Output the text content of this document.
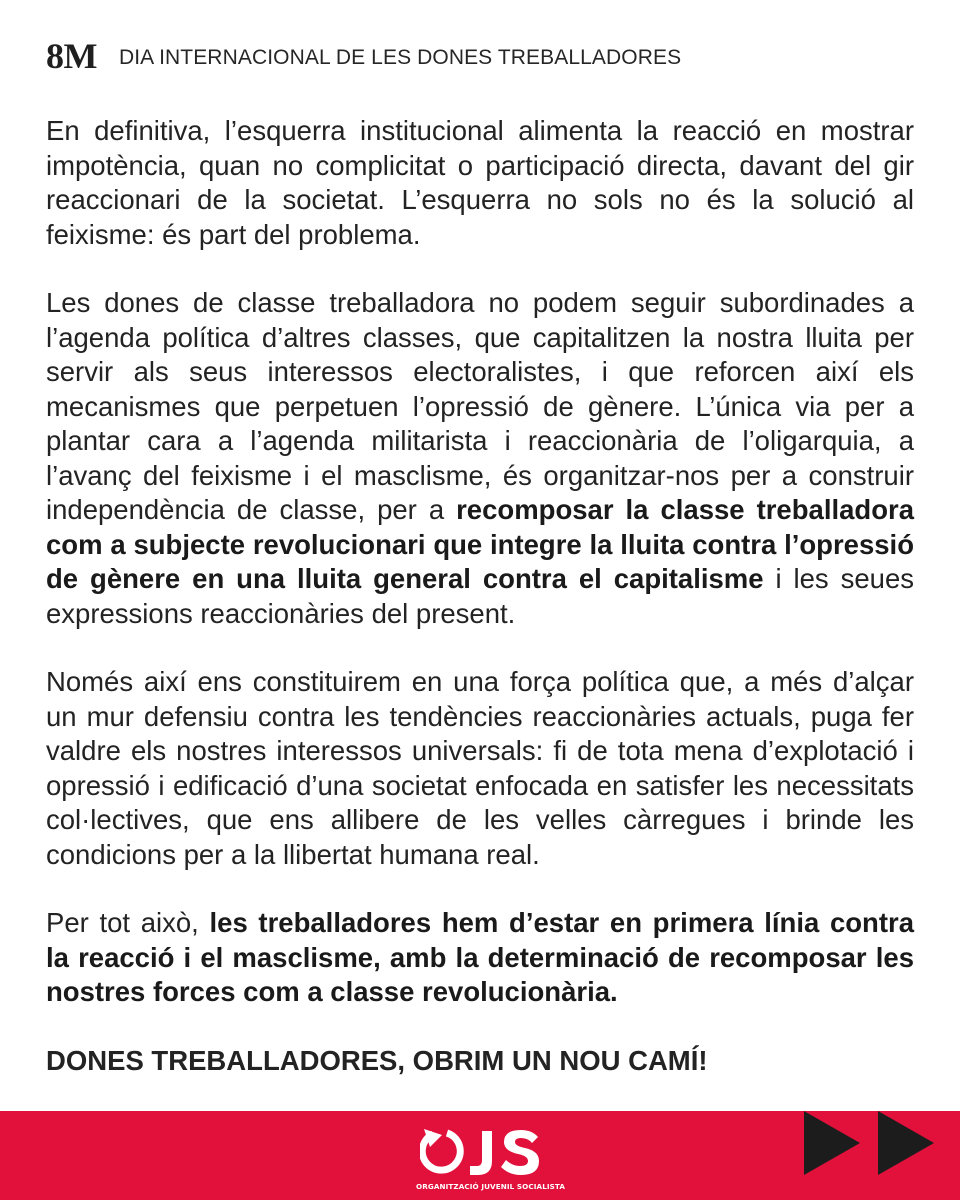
8M DIA INTERNACIONAL DE LES DONES TREBALLADORES

En definitiva, l’esquerra institucional alimenta la reacció en mostrar impotència, quan no complicitat o participació directa, davant del gir reaccionari de la societat. L’esquerra no sols no és la solució al feixisme: és part del problema.

Les dones de classe treballadora no podem seguir subordinades a l’agenda política d’altres classes, que capitalitzen la nostra lluita per servir als seus interessos electoralistes, i que reforcen així els mecanismes que perpetuen l’opressió de gènere. L’única via per a plantar cara a l’agenda militarista i reaccionària de l’oligarquia, a l’avanç del feixisme i el masclisme, és organitzar-nos per a construir independència de classe, per a recomposar la classe treballadora com a subjecte revolucionari que integre la lluita contra l’opressió de gènere en una lluita general contra el capitalisme i les seues expressions reaccionàries del present.

Només així ens constituirem en una força política que, a més d’alçar un mur defensiu contra les tendències reaccionàries actuals, puga fer valdre els nostres interessos universals: fi de tota mena d’explotació i opressió i edificació d’una societat enfocada en satisfer les necessitats col·lectives, que ens allibere de les velles càrregues i brinde les condicions per a la llibertat humana real.

Per tot això, les treballadores hem d’estar en primera línia contra la reacció i el masclisme, amb la determinació de recomposar les nostres forces com a classe revolucionària.

DONES TREBALLADORES, OBRIM UN NOU CAMÍ!

ORGANITZACIÓ JUVENIL SOCIALISTA
